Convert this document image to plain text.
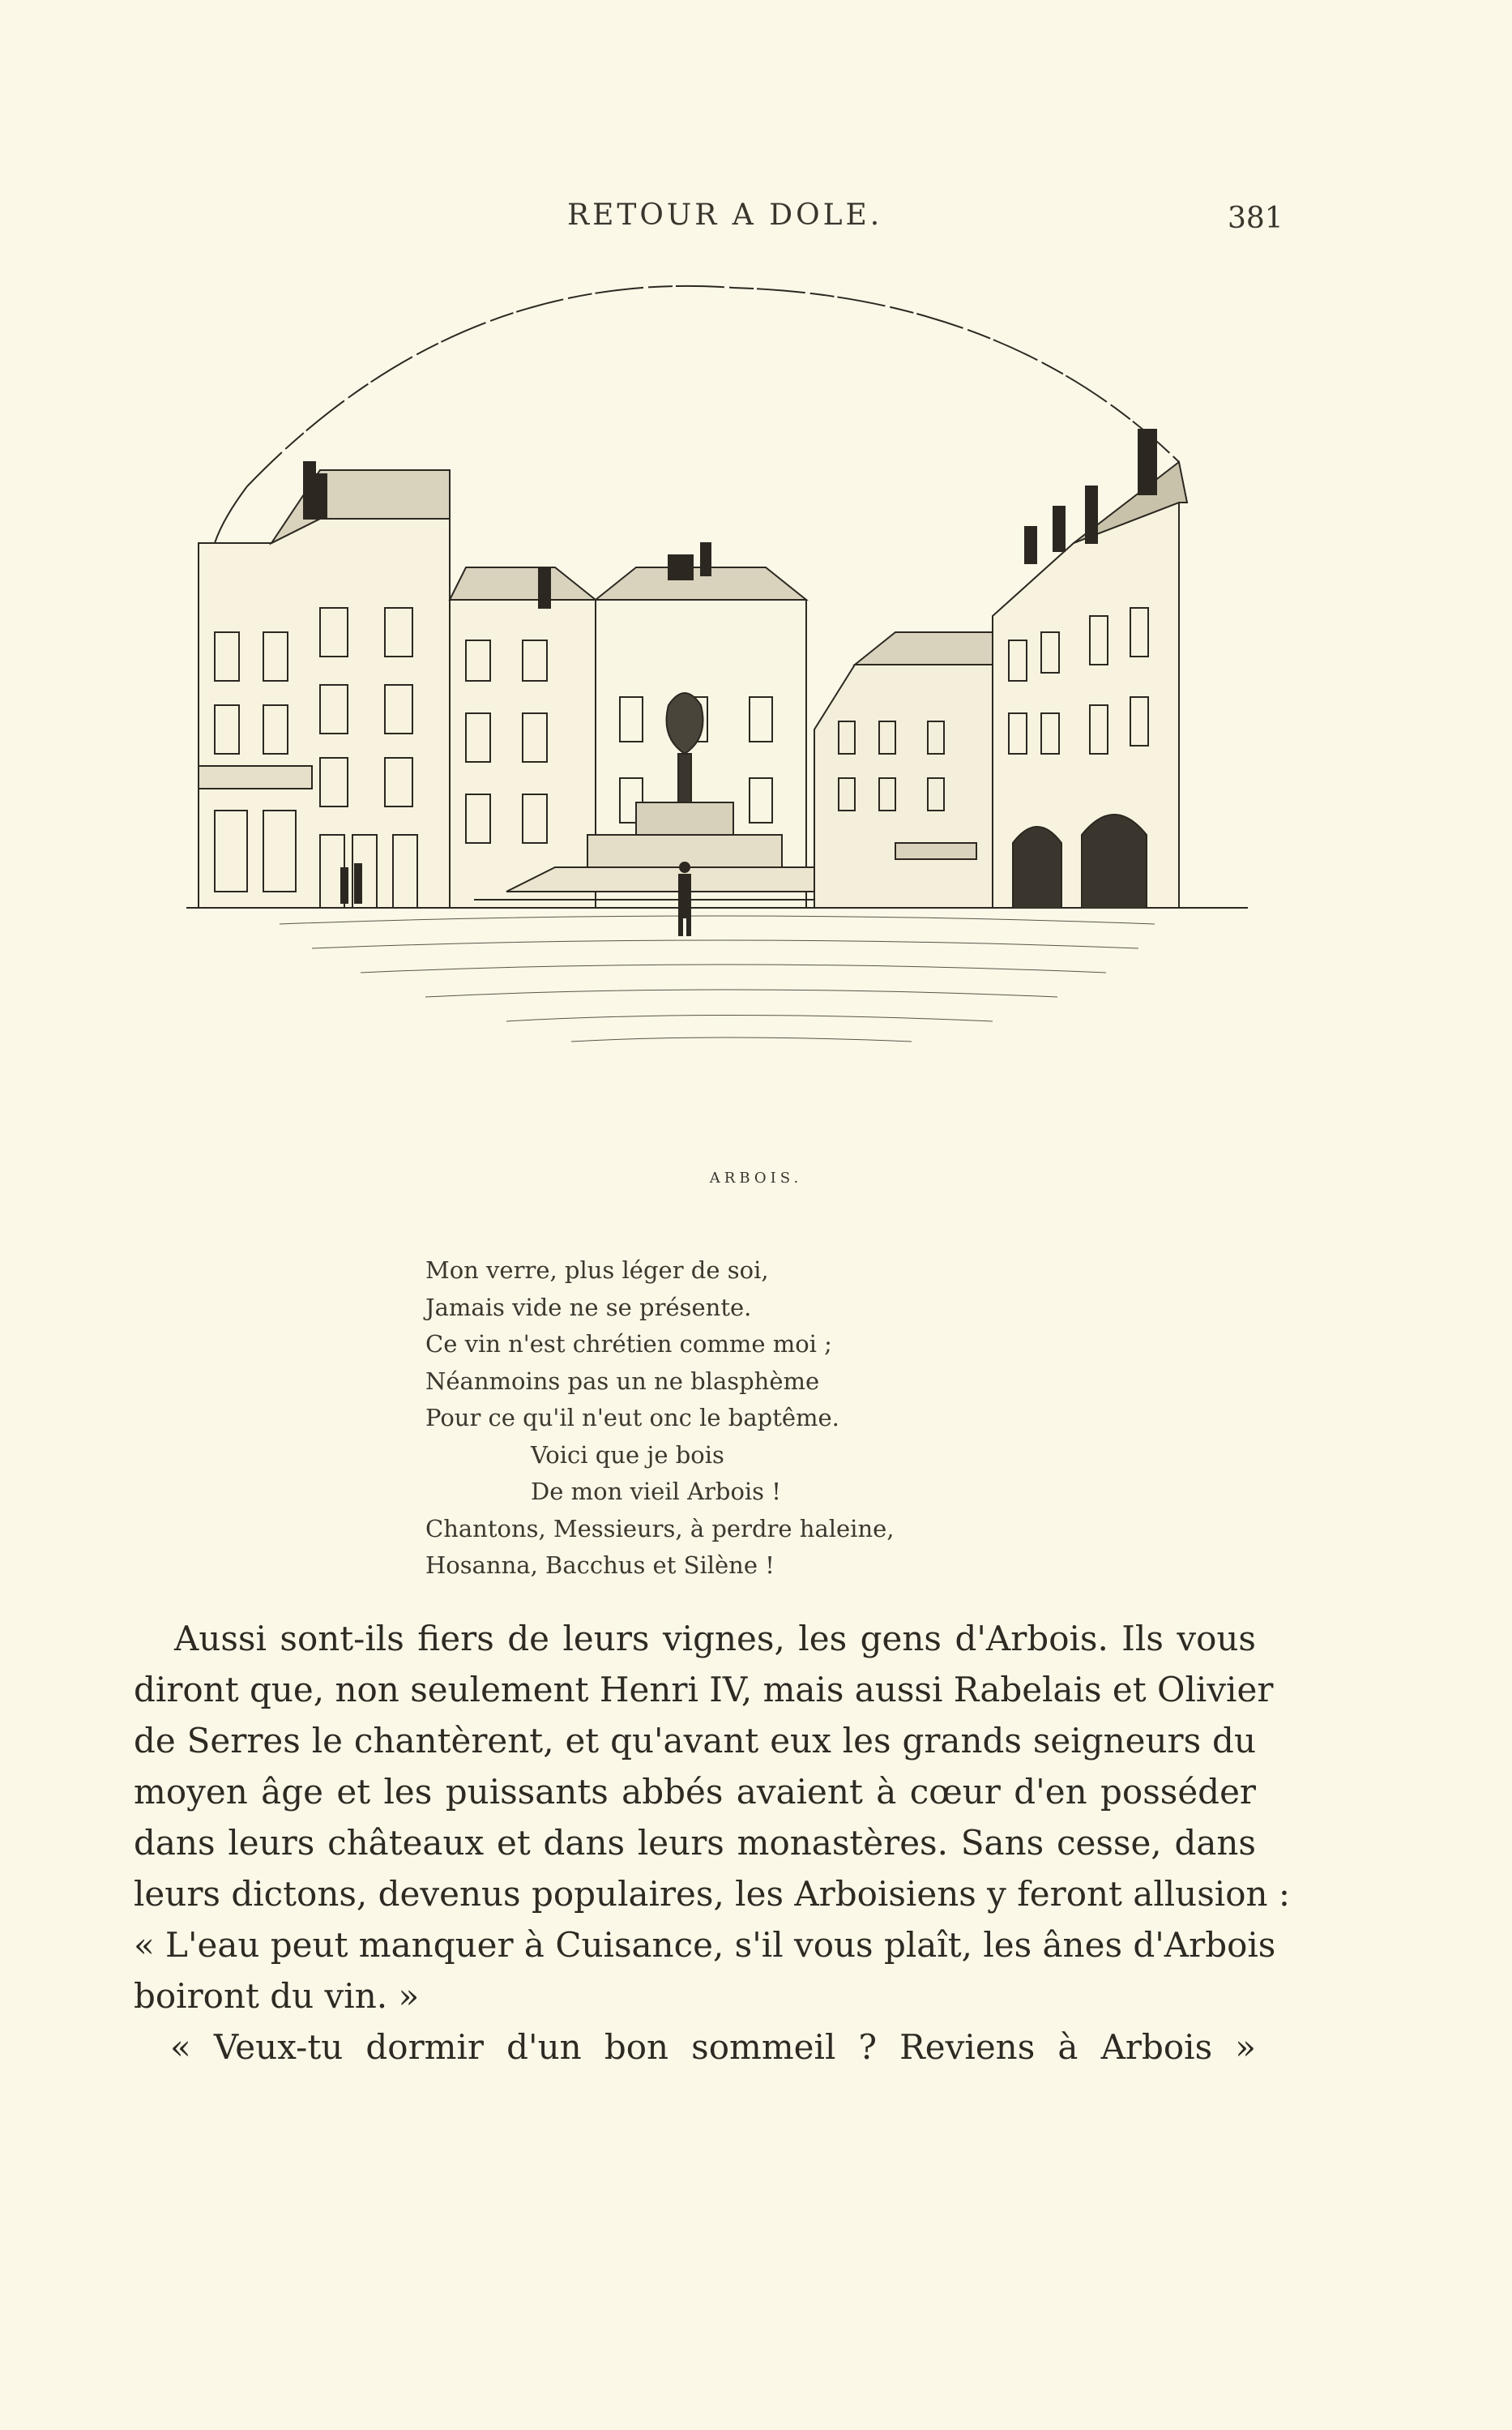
RETOUR A DOLE.	381
ARBOIS.
Mon verre, plus léger de soi,
Jamais vide ne se présente.
Ce vin n'est chrétien comme moi ;
Néanmoins pas un ne blasphème
Pour ce qu'il n'eut onc le baptême.
Voici que je bois
De mon vieil Arbois !
Chantons, Messieurs, à perdre haleine,
Hosanna, Bacchus et Silène !
Aussi sont-ils fiers de leurs vignes, les gens d'Arbois. Ils vous
diront que, non seulement Henri IV, mais aussi Rabelais et Olivier
de Serres le chantèrent, et qu'avant eux les grands seigneurs du
moyen âge et les puissants abbés avaient à cœur d'en posséder
dans leurs châteaux et dans leurs monastères. Sans cesse, dans
leurs dictons, devenus populaires, les Arboisiens y feront allusion :
« L'eau peut manquer à Cuisance, s'il vous plaît, les ânes d'Arbois
boiront du vin. »
« Veux-tu dormir d'un bon sommeil ? Reviens à Arbois »
